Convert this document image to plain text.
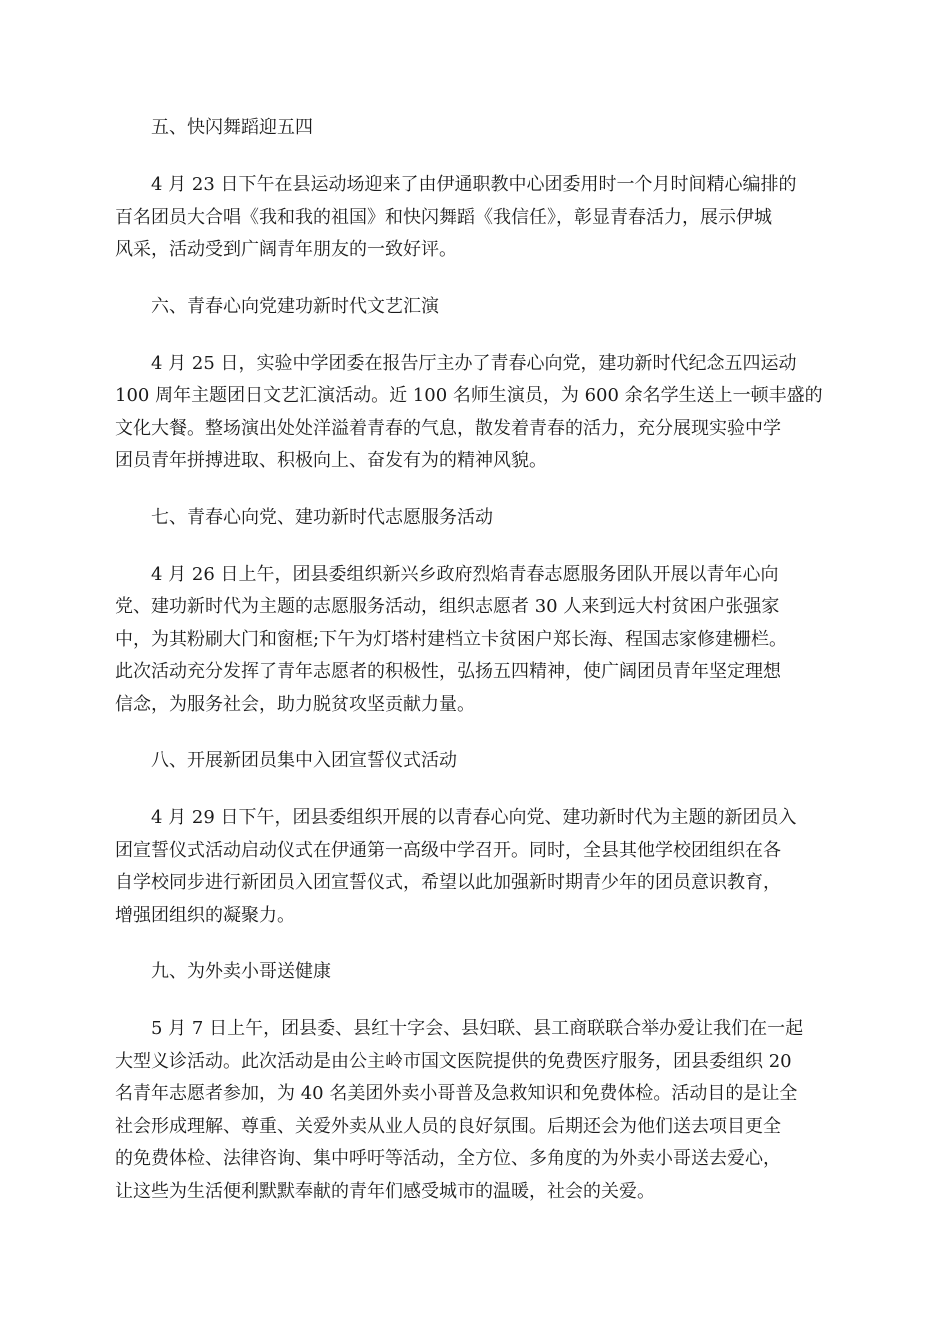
五、快闪舞蹈迎五四
4 月 23 日下午在县运动场迎来了由伊通职教中心团委用时一个月时间精心编排的
百名团员大合唱《我和我的祖国》和快闪舞蹈《我信任》，彰显青春活力，展示伊城
风采，活动受到广阔青年朋友的一致好评。
六、青春心向党建功新时代文艺汇演
4 月 25 日，实验中学团委在报告厅主办了青春心向党，建功新时代纪念五四运动
100 周年主题团日文艺汇演活动。近 100 名师生演员，为 600 余名学生送上一顿丰盛的
文化大餐。整场演出处处洋溢着青春的气息，散发着青春的活力，充分展现实验中学
团员青年拼搏进取、积极向上、奋发有为的精神风貌。
七、青春心向党、建功新时代志愿服务活动
4 月 26 日上午，团县委组织新兴乡政府烈焰青春志愿服务团队开展以青年心向
党、建功新时代为主题的志愿服务活动，组织志愿者 30 人来到远大村贫困户张强家
中，为其粉刷大门和窗框;下午为灯塔村建档立卡贫困户郑长海、程国志家修建栅栏。
此次活动充分发挥了青年志愿者的积极性，弘扬五四精神，使广阔团员青年坚定理想
信念，为服务社会，助力脱贫攻坚贡献力量。
八、开展新团员集中入团宣誓仪式活动
4 月 29 日下午，团县委组织开展的以青春心向党、建功新时代为主题的新团员入
团宣誓仪式活动启动仪式在伊通第一高级中学召开。同时，全县其他学校团组织在各
自学校同步进行新团员入团宣誓仪式，希望以此加强新时期青少年的团员意识教育，
增强团组织的凝聚力。
九、为外卖小哥送健康
5 月 7 日上午，团县委、县红十字会、县妇联、县工商联联合举办爱让我们在一起
大型义诊活动。此次活动是由公主岭市国文医院提供的免费医疗服务，团县委组织 20
名青年志愿者参加，为 40 名美团外卖小哥普及急救知识和免费体检。活动目的是让全
社会形成理解、尊重、关爱外卖从业人员的良好氛围。后期还会为他们送去项目更全
的免费体检、法律咨询、集中呼吁等活动，全方位、多角度的为外卖小哥送去爱心，
让这些为生活便利默默奉献的青年们感受城市的温暖，社会的关爱。
